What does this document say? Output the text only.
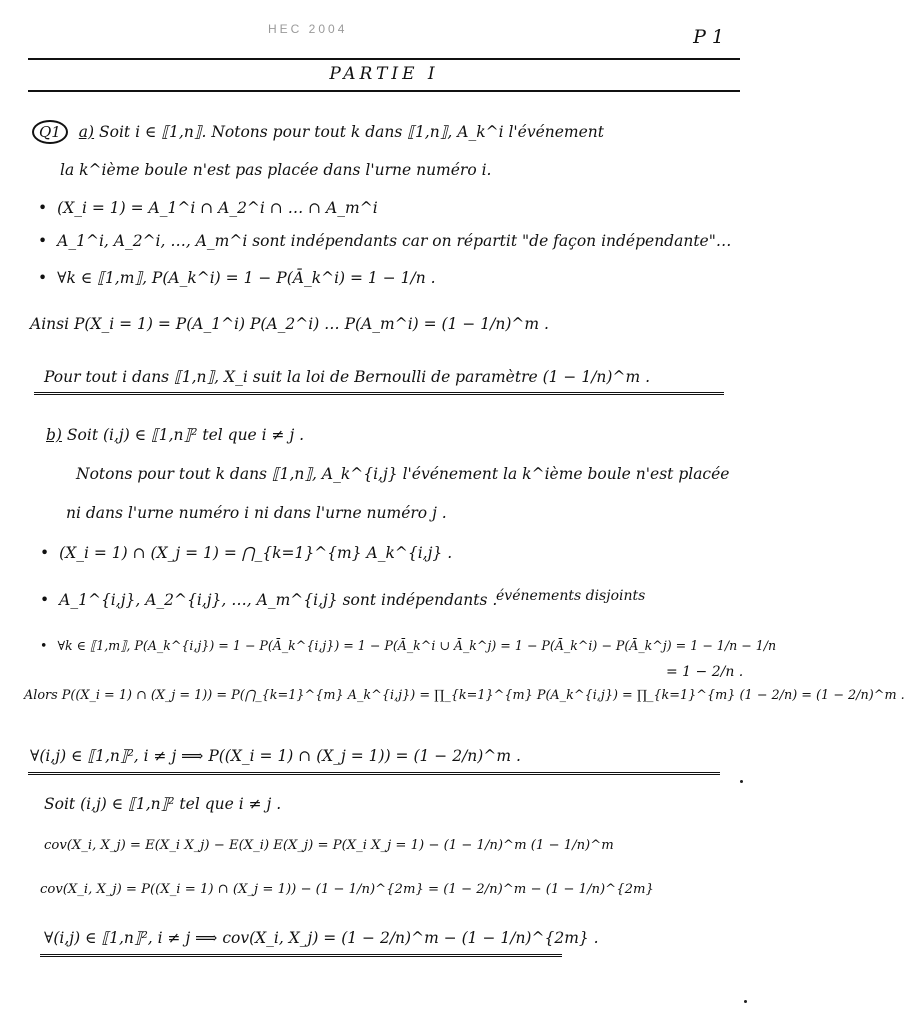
HEC 2004	P 1
PARTIE I
Q1 a) Soit i ∈ ⟦1,n⟧. Notons pour tout k dans ⟦1,n⟧, A_k^i l'événement
la k^ième boule n'est pas placée dans l'urne numéro i.
• (X_i = 1) = A_1^i ∩ A_2^i ∩ … ∩ A_m^i
• A_1^i, A_2^i, …, A_m^i sont indépendants car on répartit "de façon indépendante"…
• ∀k ∈ ⟦1,m⟧, P(A_k^i) = 1 − P(Ā_k^i) = 1 − 1/n .
Ainsi P(X_i = 1) = P(A_1^i) P(A_2^i) … P(A_m^i) = (1 − 1/n)^m .
Pour tout i dans ⟦1,n⟧, X_i suit la loi de Bernoulli de paramètre (1 − 1/n)^m .
b) Soit (i,j) ∈ ⟦1,n⟧² tel que i ≠ j .
Notons pour tout k dans ⟦1,n⟧, A_k^{i,j} l'événement la k^ième boule n'est placée
ni dans l'urne numéro i ni dans l'urne numéro j .
• (X_i = 1) ∩ (X_j = 1) = ⋂_{k=1}^{m} A_k^{i,j} .
• A_1^{i,j}, A_2^{i,j}, …, A_m^{i,j} sont indépendants .
événements disjoints
• ∀k ∈ ⟦1,m⟧, P(A_k^{i,j}) = 1 − P(Ā_k^{i,j}) = 1 − P(Ā_k^i ∪ Ā_k^j) = 1 − P(Ā_k^i) − P(Ā_k^j) = 1 − 1/n − 1/n
= 1 − 2/n .
Alors P((X_i = 1) ∩ (X_j = 1)) = P(⋂_{k=1}^{m} A_k^{i,j}) = ∏_{k=1}^{m} P(A_k^{i,j}) = ∏_{k=1}^{m} (1 − 2/n) = (1 − 2/n)^m .
∀(i,j) ∈ ⟦1,n⟧², i ≠ j ⟹ P((X_i = 1) ∩ (X_j = 1)) = (1 − 2/n)^m .
Soit (i,j) ∈ ⟦1,n⟧² tel que i ≠ j .
cov(X_i, X_j) = E(X_i X_j) − E(X_i) E(X_j) = P(X_i X_j = 1) − (1 − 1/n)^m (1 − 1/n)^m
cov(X_i, X_j) = P((X_i = 1) ∩ (X_j = 1)) − (1 − 1/n)^{2m} = (1 − 2/n)^m − (1 − 1/n)^{2m}
∀(i,j) ∈ ⟦1,n⟧², i ≠ j ⟹ cov(X_i, X_j) = (1 − 2/n)^m − (1 − 1/n)^{2m} .
